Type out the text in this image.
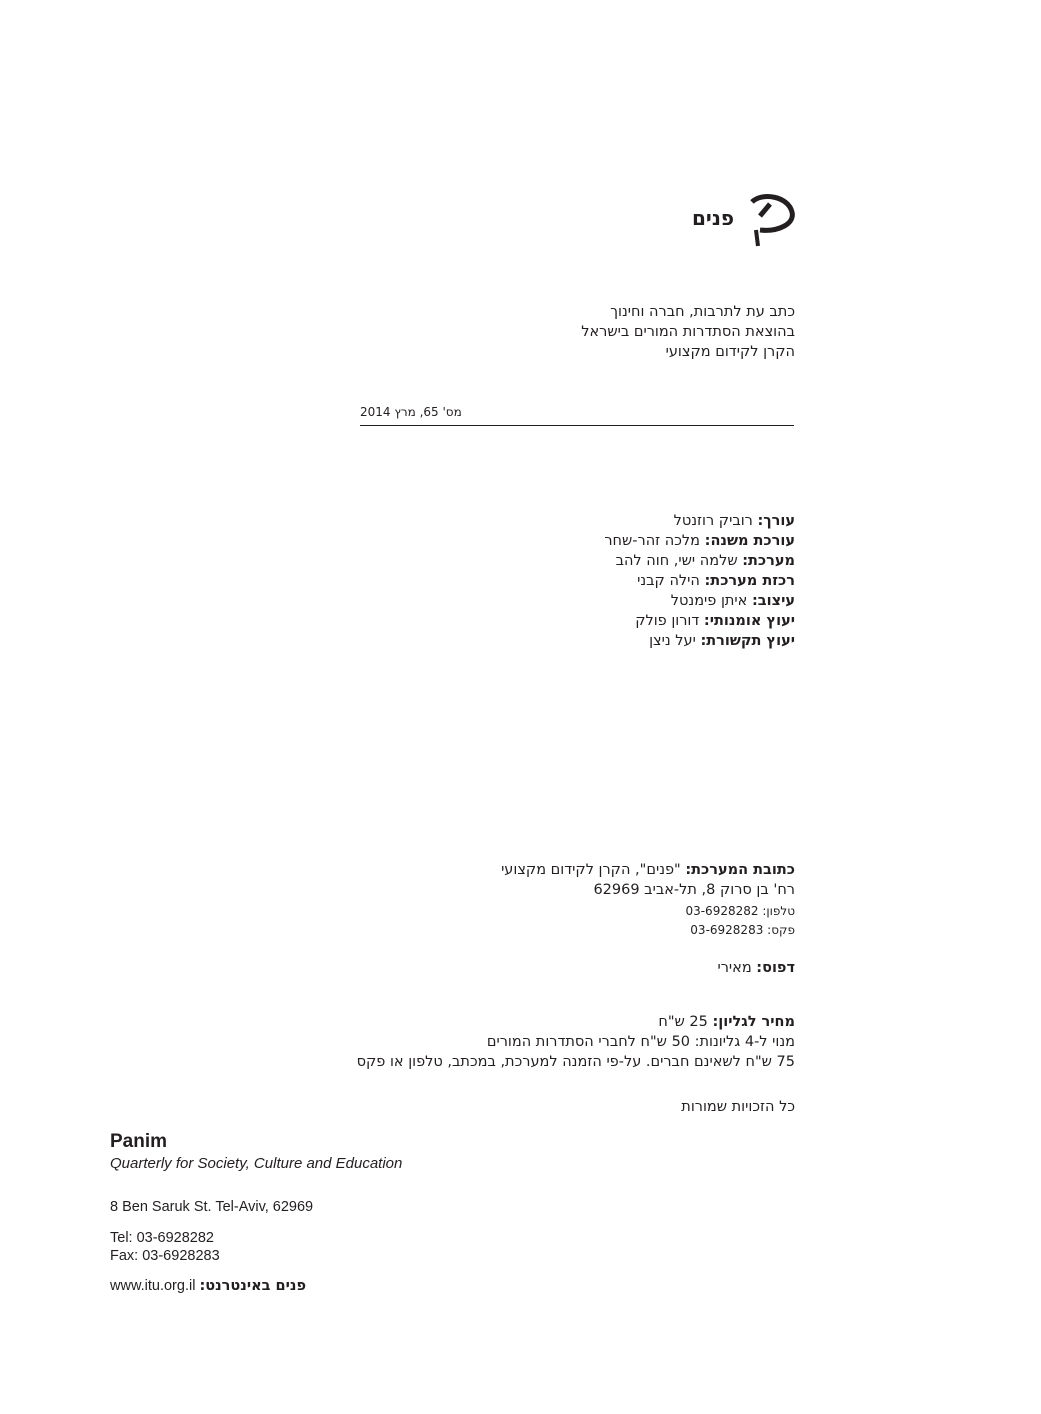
פנים
כתב עת לתרבות, חברה וחינוך
בהוצאת הסתדרות המורים בישראל
הקרן לקידום מקצועי
מס' 65, מרץ 2014
עורך: רוביק רוזנטל
עורכת משנה: מלכה זהר-שחר
מערכת: שלמה ישי, חוה להב
רכזת מערכת: הילה קבני
עיצוב: איתן פימנטל
יעוץ אומנותי: דורון פולק
יעוץ תקשורת: יעל ניצן
כתובת המערכת: "פנים", הקרן לקידום מקצועי
רח' בן סרוק 8, תל-אביב 62969
טלפון: 03-6928282
פקס: 03-6928283
דפוס: מאירי
מחיר לגליון: 25 ש"ח
מנוי ל-4 גליונות: 50 ש"ח לחברי הסתדרות המורים
75 ש"ח לשאינם חברים. על-פי הזמנה למערכת, במכתב, טלפון או פקס
כל הזכויות שמורות
Panim
Quarterly for Society, Culture and Education
8 Ben Saruk St. Tel-Aviv, 62969
Tel: 03-6928282
Fax: 03-6928283
www.itu.org.il פנים באינטרנט:
